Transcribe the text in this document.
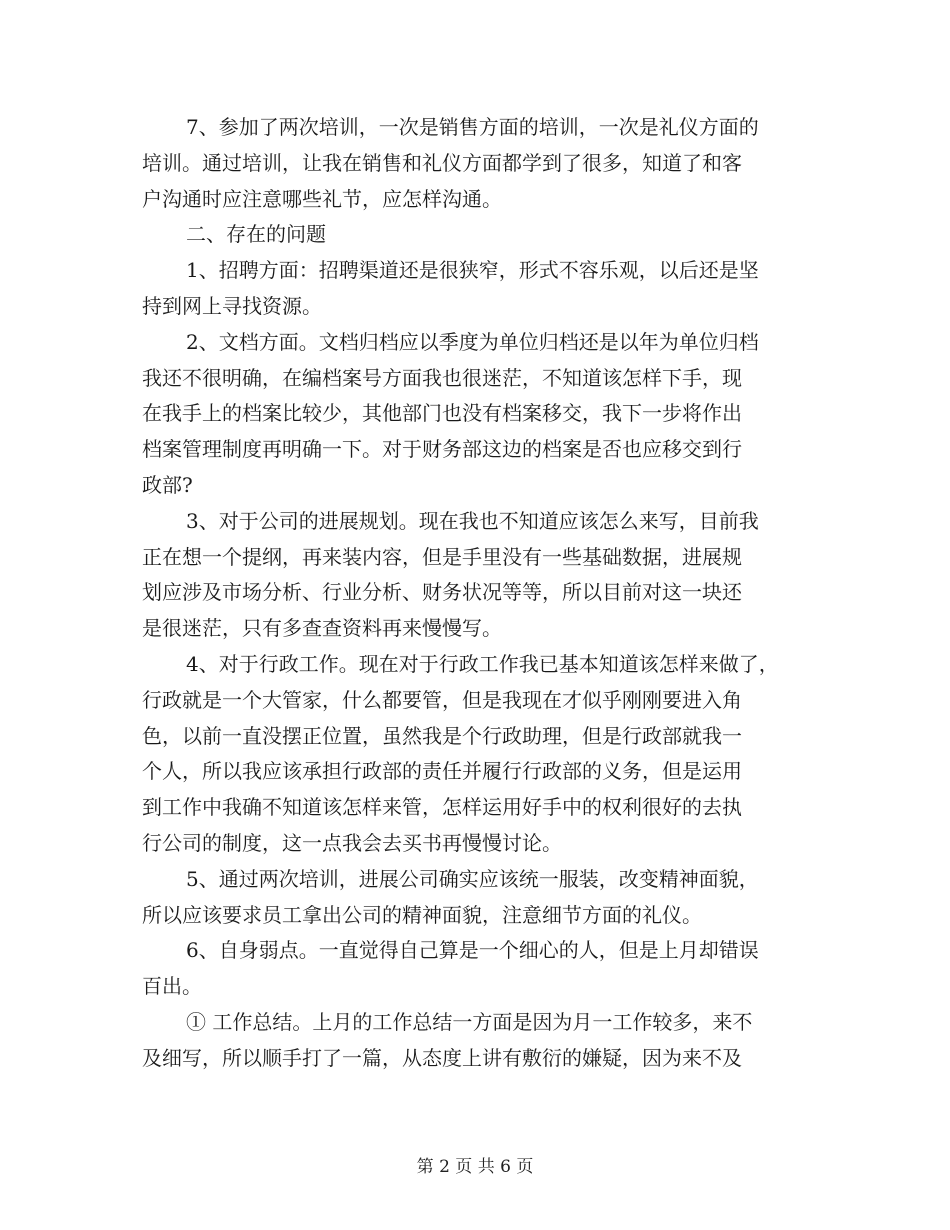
7、参加了两次培训，一次是销售方面的培训，一次是礼仪方面的
培训。通过培训，让我在销售和礼仪方面都学到了很多，知道了和客
户沟通时应注意哪些礼节，应怎样沟通。
二、存在的问题
1、招聘方面：招聘渠道还是很狭窄，形式不容乐观，以后还是坚
持到网上寻找资源。
2、文档方面。文档归档应以季度为单位归档还是以年为单位归档
我还不很明确，在编档案号方面我也很迷茫，不知道该怎样下手，现
在我手上的档案比较少，其他部门也没有档案移交，我下一步将作出
档案管理制度再明确一下。对于财务部这边的档案是否也应移交到行
政部?
3、对于公司的进展规划。现在我也不知道应该怎么来写，目前我
正在想一个提纲，再来装内容，但是手里没有一些基础数据，进展规
划应涉及市场分析、行业分析、财务状况等等，所以目前对这一块还
是很迷茫，只有多查查资料再来慢慢写。
4、对于行政工作。现在对于行政工作我已基本知道该怎样来做了，
行政就是一个大管家，什么都要管，但是我现在才似乎刚刚要进入角
色，以前一直没摆正位置，虽然我是个行政助理，但是行政部就我一
个人，所以我应该承担行政部的责任并履行行政部的义务，但是运用
到工作中我确不知道该怎样来管，怎样运用好手中的权利很好的去执
行公司的制度，这一点我会去买书再慢慢讨论。
5、通过两次培训，进展公司确实应该统一服装，改变精神面貌，
所以应该要求员工拿出公司的精神面貌，注意细节方面的礼仪。
6、自身弱点。一直觉得自己算是一个细心的人，但是上月却错误
百出。
① 工作总结。上月的工作总结一方面是因为月一工作较多，来不
及细写，所以顺手打了一篇，从态度上讲有敷衍的嫌疑，因为来不及
第 2 页 共 6 页
